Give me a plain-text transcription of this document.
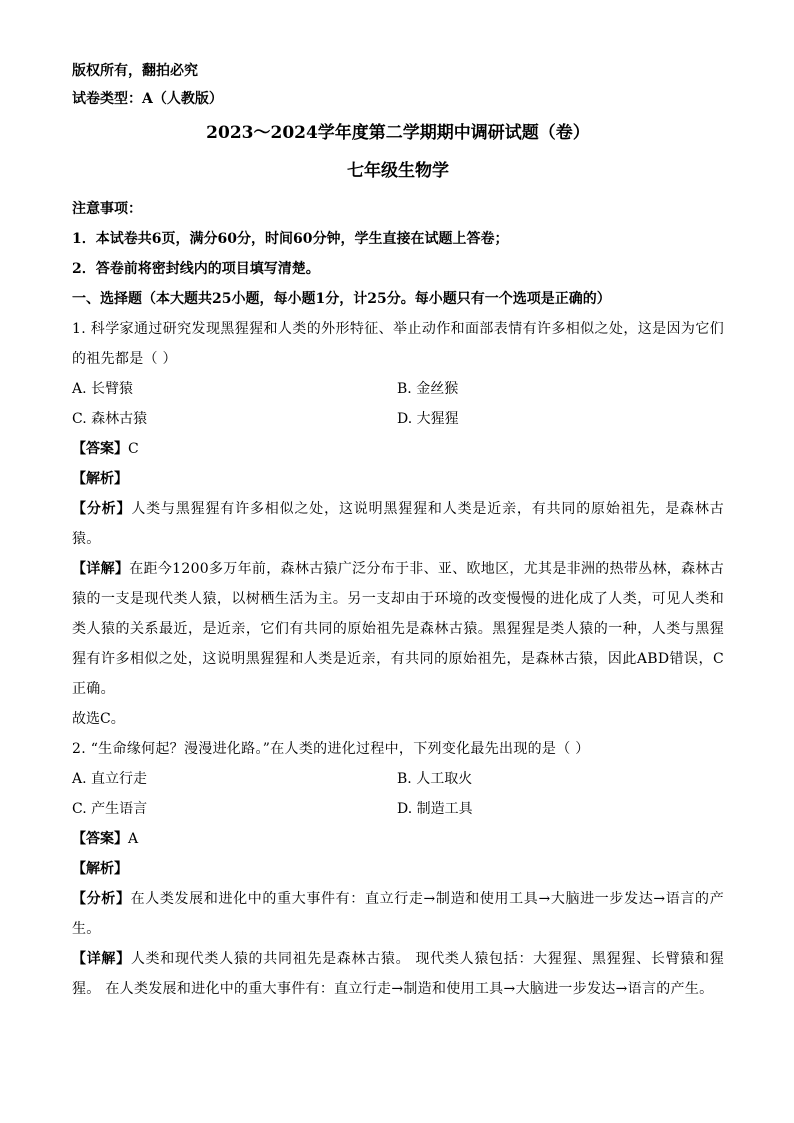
版权所有，翻拍必究
试卷类型：A（人教版）
2023～2024学年度第二学期期中调研试题（卷）
七年级生物学
注意事项：
1．本试卷共6页，满分60分，时间60分钟，学生直接在试题上答卷；
2．答卷前将密封线内的项目填写清楚。
一、选择题（本大题共25小题，每小题1分，计25分。每小题只有一个选项是正确的）
1. 科学家通过研究发现黑猩猩和人类的外形特征、举止动作和面部表情有许多相似之处，这是因为它们的祖先都是（ ）
A. 长臂猿	B. 金丝猴
C. 森林古猿	D. 大猩猩
【答案】C
【解析】
【分析】人类与黑猩猩有许多相似之处，这说明黑猩猩和人类是近亲，有共同的原始祖先，是森林古猿。
【详解】在距今1200多万年前，森林古猿广泛分布于非、亚、欧地区，尤其是非洲的热带丛林，森林古猿的一支是现代类人猿，以树栖生活为主。另一支却由于环境的改变慢慢的进化成了人类，可见人类和类人猿的关系最近，是近亲，它们有共同的原始祖先是森林古猿。黑猩猩是类人猿的一种，人类与黑猩猩有许多相似之处，这说明黑猩猩和人类是近亲，有共同的原始祖先，是森林古猿，因此ABD错误，C正确。
故选C。
2. “生命缘何起？漫漫进化路。”在人类的进化过程中，下列变化最先出现的是（ ）
A. 直立行走	B. 人工取火
C. 产生语言	D. 制造工具
【答案】A
【解析】
【分析】在人类发展和进化中的重大事件有：直立行走→制造和使用工具→大脑进一步发达→语言的产生。
【详解】人类和现代类人猿的共同祖先是森林古猿。 现代类人猿包括：大猩猩、黑猩猩、长臂猿和猩猩。 在人类发展和进化中的重大事件有：直立行走→制造和使用工具→大脑进一步发达→语言的产生。
